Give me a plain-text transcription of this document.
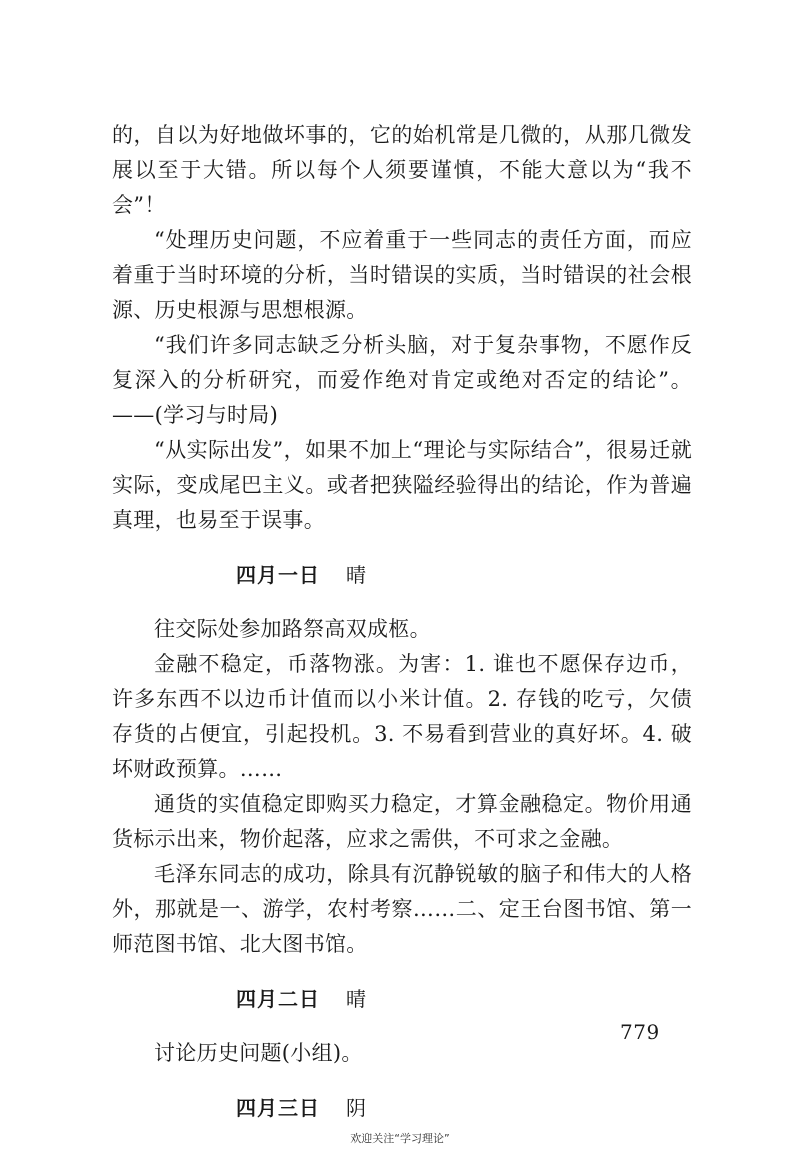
的，自以为好地做坏事的，它的始机常是几微的，从那几微发展以至于大错。所以每个人须要谨慎，不能大意以为“我不会”！

“处理历史问题，不应着重于一些同志的责任方面，而应着重于当时环境的分析，当时错误的实质，当时错误的社会根源、历史根源与思想根源。

“我们许多同志缺乏分析头脑，对于复杂事物，不愿作反复深入的分析研究，而爱作绝对肯定或绝对否定的结论”。——(学习与时局)

“从实际出发”，如果不加上“理论与实际结合”，很易迁就实际，变成尾巴主义。或者把狭隘经验得出的结论，作为普遍真理，也易至于误事。

四月一日 晴

往交际处参加路祭高双成柩。

金融不稳定，币落物涨。为害：1. 谁也不愿保存边币，许多东西不以边币计值而以小米计值。2. 存钱的吃亏，欠债存货的占便宜，引起投机。3. 不易看到营业的真好坏。4. 破坏财政预算。……

通货的实值稳定即购买力稳定，才算金融稳定。物价用通货标示出来，物价起落，应求之需供，不可求之金融。

毛泽东同志的成功，除具有沉静锐敏的脑子和伟大的人格外，那就是一、游学，农村考察……二、定王台图书馆、第一师范图书馆、北大图书馆。

四月二日 晴

讨论历史问题(小组)。

四月三日 阴
779
欢迎关注“学习理论”
